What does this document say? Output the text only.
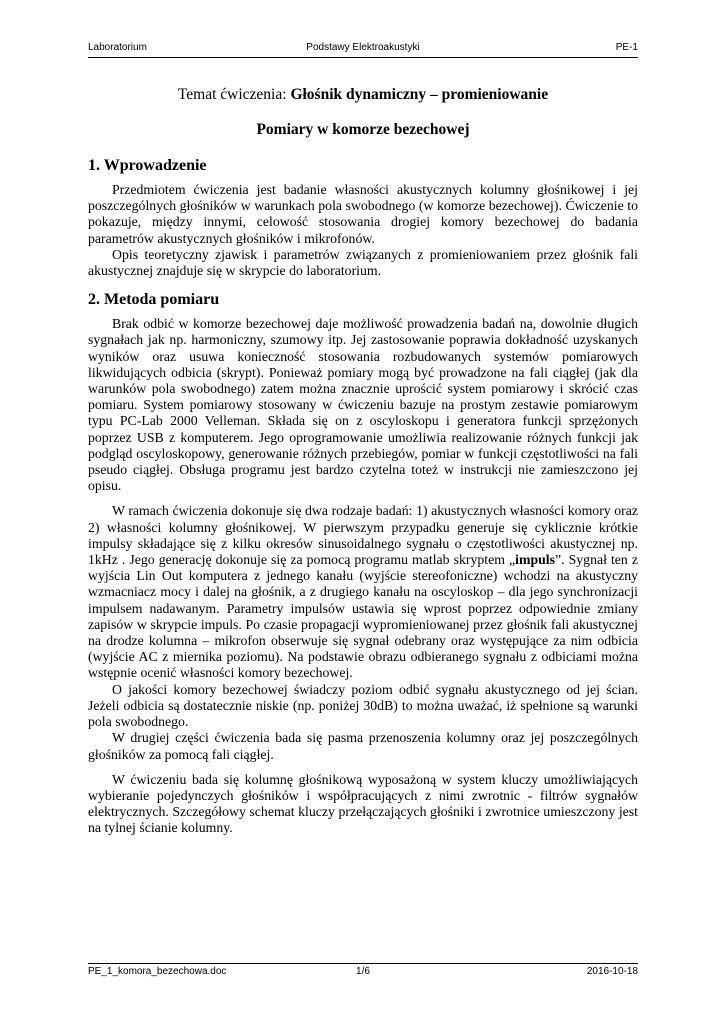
Laboratorium	Podstawy Elektroakustyki	PE-1
Temat ćwiczenia: Głośnik dynamiczny – promieniowanie
Pomiary w komorze bezechowej
1. Wprowadzenie

Przedmiotem ćwiczenia jest badanie własności akustycznych kolumny głośnikowej i jej poszczególnych głośników w warunkach pola swobodnego (w komorze bezechowej). Ćwiczenie to pokazuje, między innymi, celowość stosowania drogiej komory bezechowej do badania parametrów akustycznych głośników i mikrofonów.

Opis teoretyczny zjawisk i parametrów związanych z promieniowaniem przez głośnik fali akustycznej znajduje się w skrypcie do laboratorium.

2. Metoda pomiaru

Brak odbić w komorze bezechowej daje możliwość prowadzenia badań na, dowolnie długich sygnałach jak np. harmoniczny, szumowy itp. Jej zastosowanie poprawia dokładność uzyskanych wyników oraz usuwa konieczność stosowania rozbudowanych systemów pomiarowych likwidujących odbicia (skrypt). Ponieważ pomiary mogą być prowadzone na fali ciągłej (jak dla warunków pola swobodnego) zatem można znacznie uprościć system pomiarowy i skrócić czas pomiaru. System pomiarowy stosowany w ćwiczeniu bazuje na prostym zestawie pomiarowym typu PC-Lab 2000 Velleman. Składa się on z oscyloskopu i generatora funkcji sprzężonych poprzez USB z komputerem. Jego oprogramowanie umożliwia realizowanie różnych funkcji jak podgląd oscyloskopowy, generowanie różnych przebiegów, pomiar w funkcji częstotliwości na fali pseudo ciągłej. Obsługa programu jest bardzo czytelna toteż w instrukcji nie zamieszczono jej opisu.

W ramach ćwiczenia dokonuje się dwa rodzaje badań: 1) akustycznych własności komory oraz 2) własności kolumny głośnikowej. W pierwszym przypadku generuje się cyklicznie krótkie impulsy składające się z kilku okresów sinusoidalnego sygnału o częstotliwości akustycznej np. 1kHz . Jego generację dokonuje się za pomocą programu matlab skryptem „impuls”. Sygnał ten z wyjścia Lin Out komputera z jednego kanału (wyjście stereofoniczne) wchodzi na akustyczny wzmacniacz mocy i dalej na głośnik, a z drugiego kanału na oscyloskop – dla jego synchronizacji impulsem nadawanym. Parametry impulsów ustawia się wprost poprzez odpowiednie zmiany zapisów w skrypcie impuls. Po czasie propagacji wypromieniowanej przez głośnik fali akustycznej na drodze kolumna – mikrofon obserwuje się sygnał odebrany oraz występujące za nim odbicia (wyjście AC z miernika poziomu). Na podstawie obrazu odbieranego sygnału z odbiciami można wstępnie ocenić własności komory bezechowej.

O jakości komory bezechowej świadczy poziom odbić sygnału akustycznego od jej ścian. Jeżeli odbicia są dostatecznie niskie (np. poniżej 30dB) to można uważać, iż spełnione są warunki pola swobodnego.

W drugiej części ćwiczenia bada się pasma przenoszenia kolumny oraz jej poszczególnych głośników za pomocą fali ciągłej.

W ćwiczeniu bada się kolumnę głośnikową wyposażoną w system kluczy umożliwiających wybieranie pojedynczych głośników i współpracujących z nimi zwrotnic - filtrów sygnałów elektrycznych. Szczegółowy schemat kluczy przełączających głośniki i zwrotnice umieszczony jest na tylnej ścianie kolumny.

PE_1_komora_bezechowa.doc	1/6	2016-10-18
